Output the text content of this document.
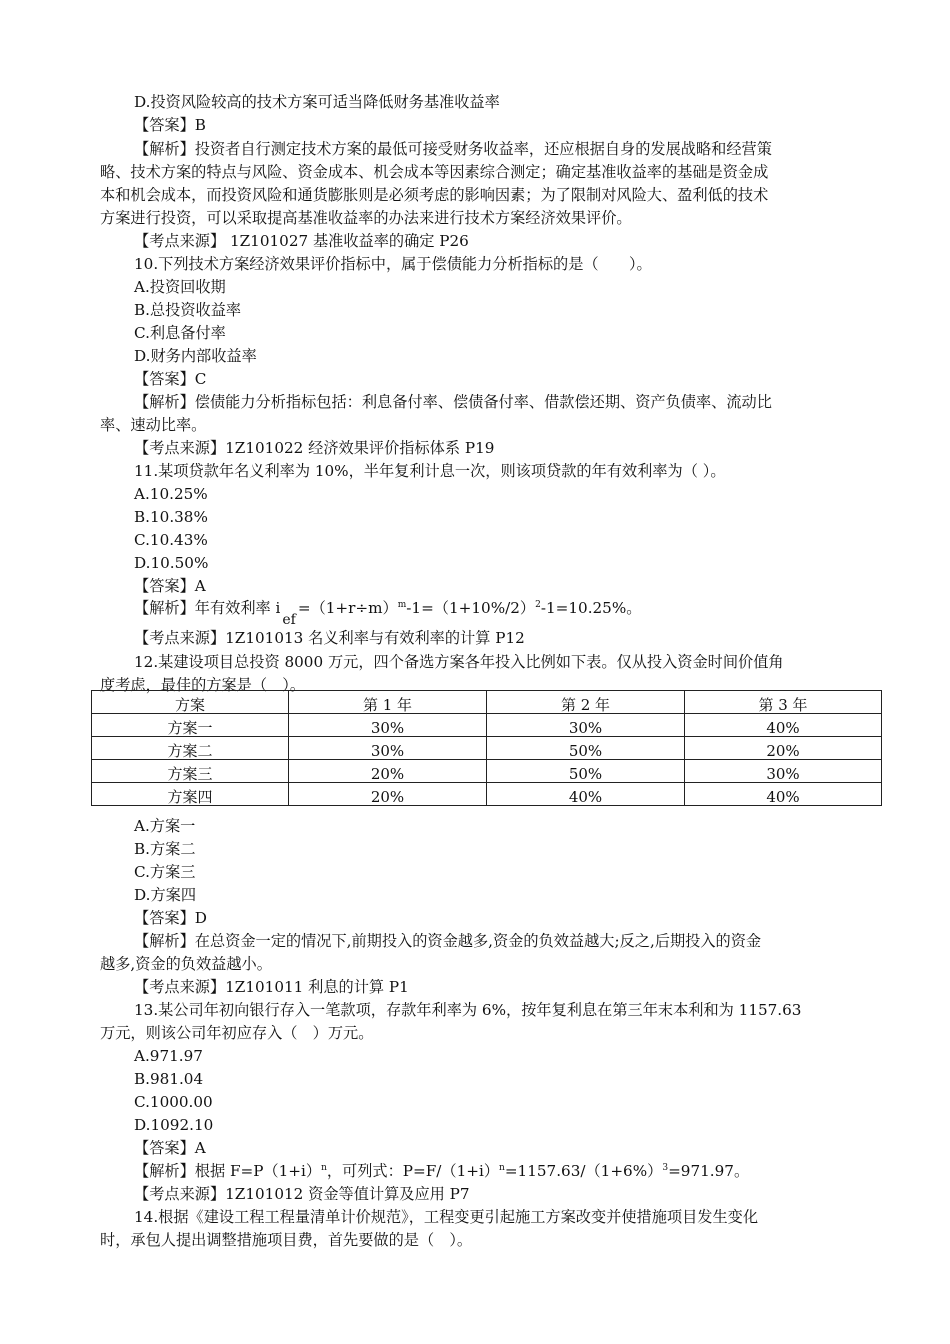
D.投资风险较高的技术方案可适当降低财务基准收益率
【答案】B
【解析】投资者自行测定技术方案的最低可接受财务收益率，还应根据自身的发展战略和经营策
略、技术方案的特点与风险、资金成本、机会成本等因素综合测定；确定基准收益率的基础是资金成
本和机会成本，而投资风险和通货膨胀则是必须考虑的影响因素；为了限制对风险大、盈利低的技术
方案进行投资，可以采取提高基准收益率的办法来进行技术方案经济效果评价。
【考点来源】 1Z101027 基准收益率的确定 P26
10.下列技术方案经济效果评价指标中，属于偿债能力分析指标的是（　　）。
A.投资回收期
B.总投资收益率
C.利息备付率
D.财务内部收益率
【答案】C
【解析】偿债能力分析指标包括：利息备付率、偿债备付率、借款偿还期、资产负债率、流动比
率、速动比率。
【考点来源】1Z101022 经济效果评价指标体系 P19
11.某项贷款年名义利率为 10%，半年复利计息一次，则该项贷款的年有效利率为（ ）。
A.10.25%
B.10.38%
C.10.43%
D.10.50%
【答案】A
【解析】年有效利率 $ief=(1+r\div m)^m-1=(1+10\%/2)^2-1=10.25\%$。
【考点来源】1Z101013 名义利率与有效利率的计算 P12
12.某建设项目总投资 8000 万元，四个备选方案各年投入比例如下表。仅从投入资金时间价值角
度考虑，最佳的方案是（　）。
方案	第 1 年	第 2 年	第 3 年
方案一	30%	30%	40%
方案二	30%	50%	20%
方案三	20%	50%	30%
方案四	20%	40%	40%
A.方案一
B.方案二
C.方案三
D.方案四
【答案】D
【解析】在总资金一定的情况下,前期投入的资金越多,资金的负效益越大;反之,后期投入的资金
越多,资金的负效益越小。
【考点来源】1Z101011 利息的计算 P1
13.某公司年初向银行存入一笔款项，存款年利率为 6%，按年复利息在第三年末本利和为 1157.63
万元，则该公司年初应存入（　）万元。
A.971.97
B.981.04
C.1000.00
D.1092.10
【答案】A
【解析】根据 $F=P(1+i)^n$，可列式：$P=F/(1+i)^n=1157.63/(1+6\%)^3=971.97$。
【考点来源】1Z101012 资金等值计算及应用 P7
14.根据《建设工程工程量清单计价规范》，工程变更引起施工方案改变并使措施项目发生变化
时，承包人提出调整措施项目费，首先要做的是（　）。
